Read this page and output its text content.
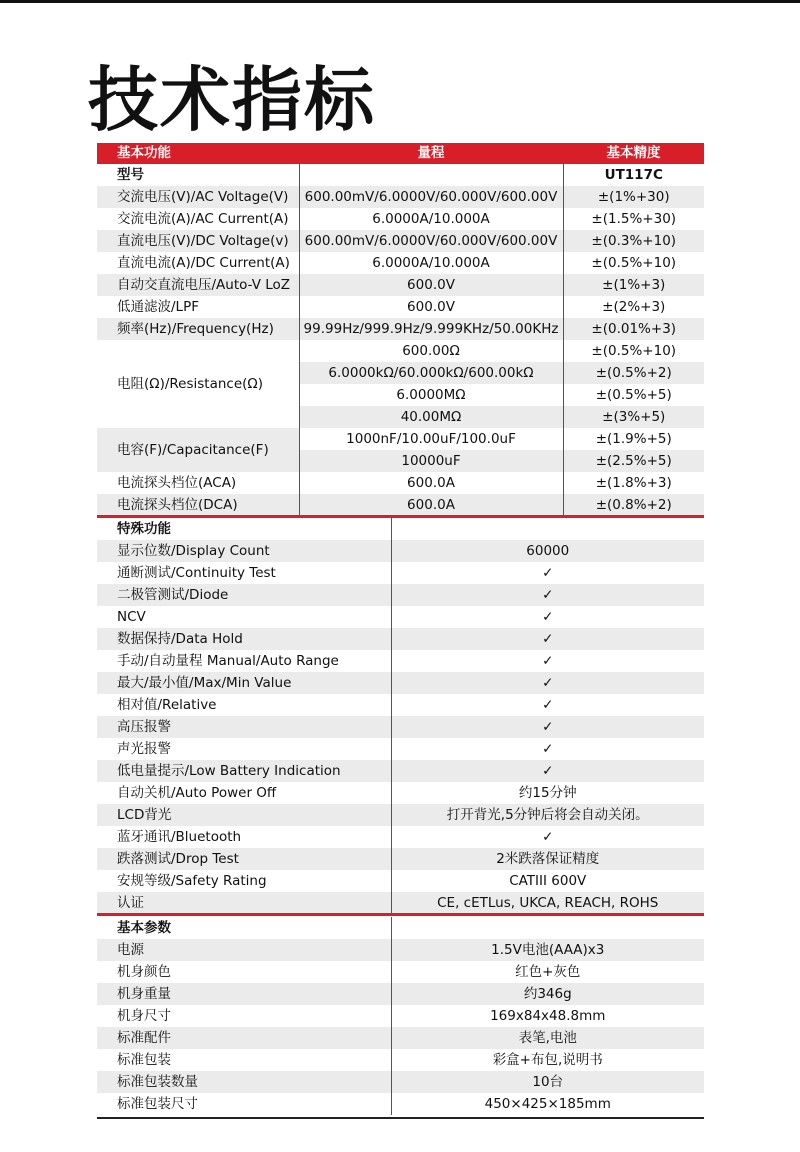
技术指标
基本功能	量程	基本精度
型号		UT117C
交流电压(V)/AC Voltage(V)	600.00mV/6.0000V/60.000V/600.00V	±(1%+30)
交流电流(A)/AC Current(A)	6.0000A/10.000A	±(1.5%+30)
直流电压(V)/DC Voltage(v)	600.00mV/6.0000V/60.000V/600.00V	±(0.3%+10)
直流电流(A)/DC Current(A)	6.0000A/10.000A	±(0.5%+10)
自动交直流电压/Auto-V LoZ	600.0V	±(1%+3)
低通滤波/LPF	600.0V	±(2%+3)
频率(Hz)/Frequency(Hz)	99.99Hz/999.9Hz/9.999KHz/50.00KHz	±(0.01%+3)
电阻(Ω)/Resistance(Ω)	600.00Ω	±(0.5%+10)
	6.0000kΩ/60.000kΩ/600.00kΩ	±(0.5%+2)
	6.0000MΩ	±(0.5%+5)
	40.00MΩ	±(3%+5)
电容(F)/Capacitance(F)	1000nF/10.00uF/100.0uF	±(1.9%+5)
	10000uF	±(2.5%+5)
电流探头档位(ACA)	600.0A	±(1.8%+3)
电流探头档位(DCA)	600.0A	±(0.8%+2)
特殊功能	
显示位数/Display Count	60000
通断测试/Continuity Test	✓
二极管测试/Diode	✓
NCV	✓
数据保持/Data Hold	✓
手动/自动量程 Manual/Auto Range	✓
最大/最小值/Max/Min Value	✓
相对值/Relative	✓
高压报警	✓
声光报警	✓
低电量提示/Low Battery Indication	✓
自动关机/Auto Power Off	约15分钟
LCD背光	打开背光,5分钟后将会自动关闭。
蓝牙通讯/Bluetooth	✓
跌落测试/Drop Test	2米跌落保证精度
安规等级/Safety Rating	CATIII 600V
认证	CE, cETLus, UKCA, REACH, ROHS
基本参数	
电源	1.5V电池(AAA)x3
机身颜色	红色+灰色
机身重量	约346g
机身尺寸	169x84x48.8mm
标准配件	表笔,电池
标准包装	彩盒+布包,说明书
标准包装数量	10台
标准包装尺寸	450×425×185mm
